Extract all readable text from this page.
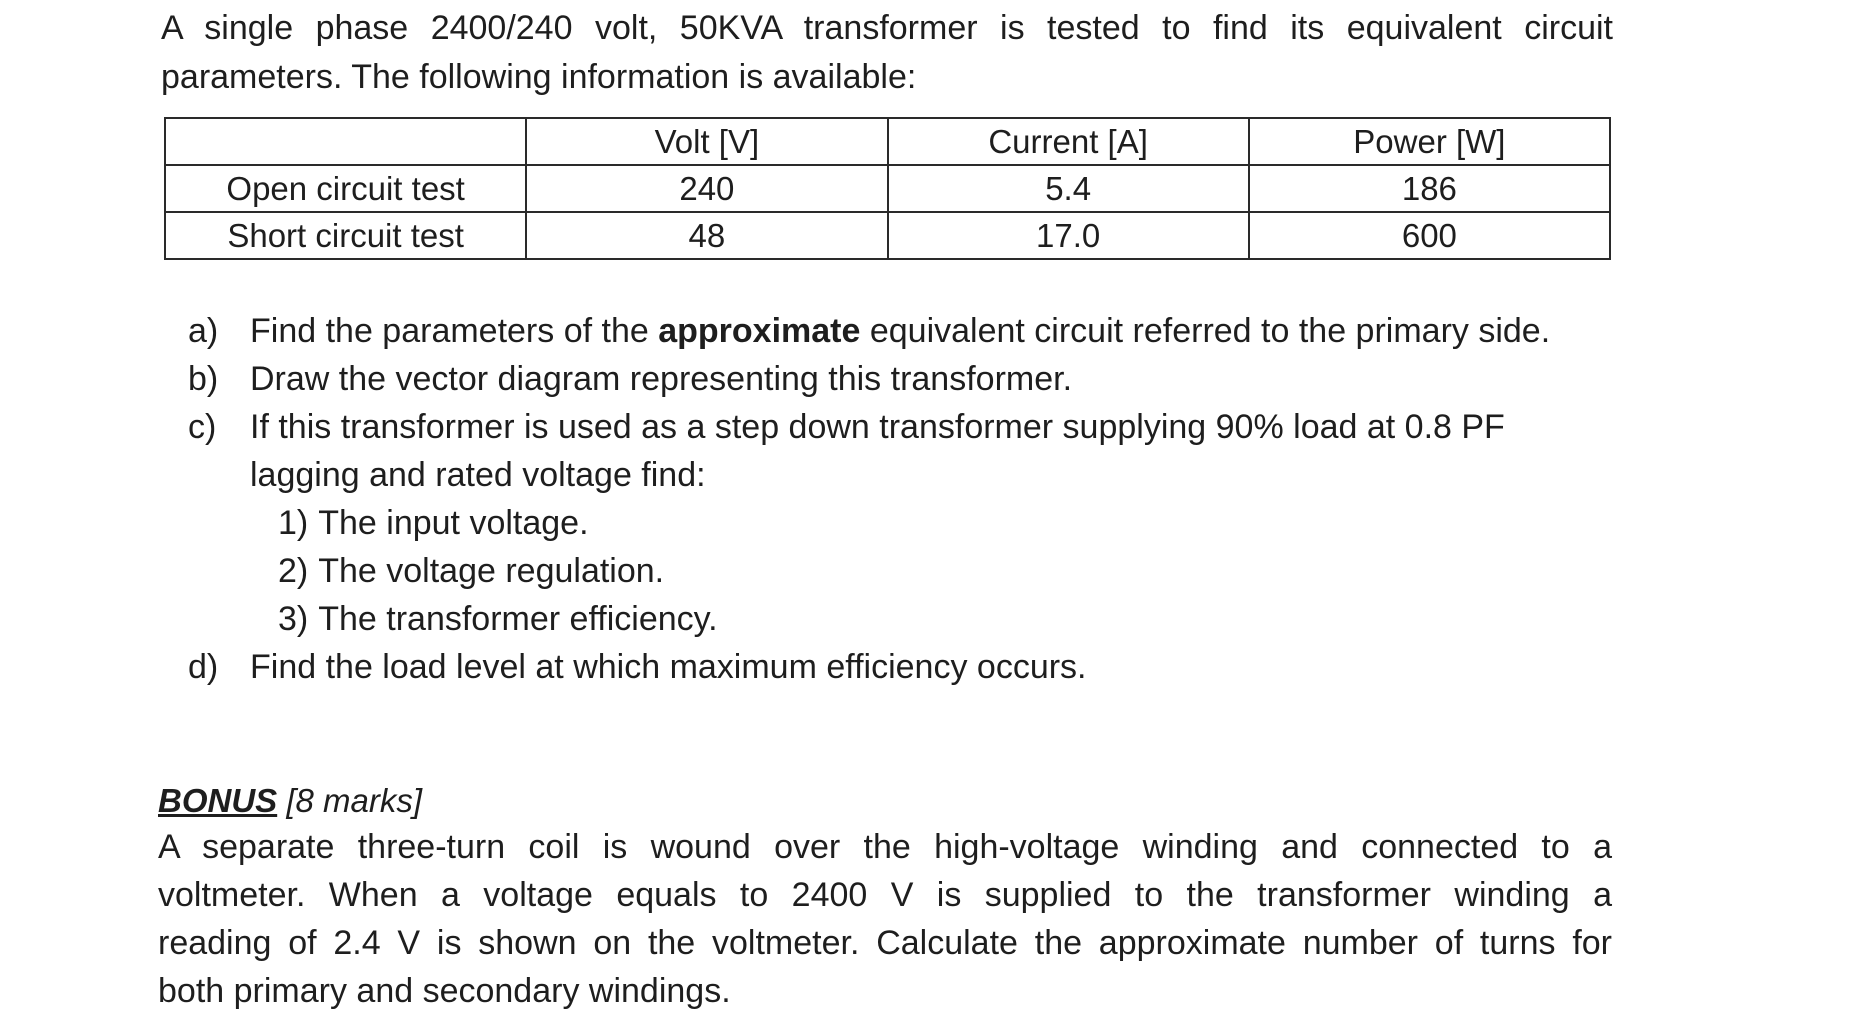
A single phase 2400/240 volt, 50KVA transformer is tested to find its equivalent circuit
parameters. The following information is available:

	Volt [V]	Current [A]	Power [W]
Open circuit test	240	5.4	186
Short circuit test	48	17.0	600
a) Find the parameters of the approximate equivalent circuit referred to the primary side.
b) Draw the vector diagram representing this transformer.
c) If this transformer is used as a step down transformer supplying 90% load at 0.8 PF lagging and rated voltage find:
1) The input voltage.
2) The voltage regulation.
3) The transformer efficiency.
d) Find the load level at which maximum efficiency occurs.

BONUS [8 marks]

A separate three-turn coil is wound over the high-voltage winding and connected to a
voltmeter. When a voltage equals to 2400 V is supplied to the transformer winding a
reading of 2.4 V is shown on the voltmeter. Calculate the approximate number of turns for
both primary and secondary windings.
